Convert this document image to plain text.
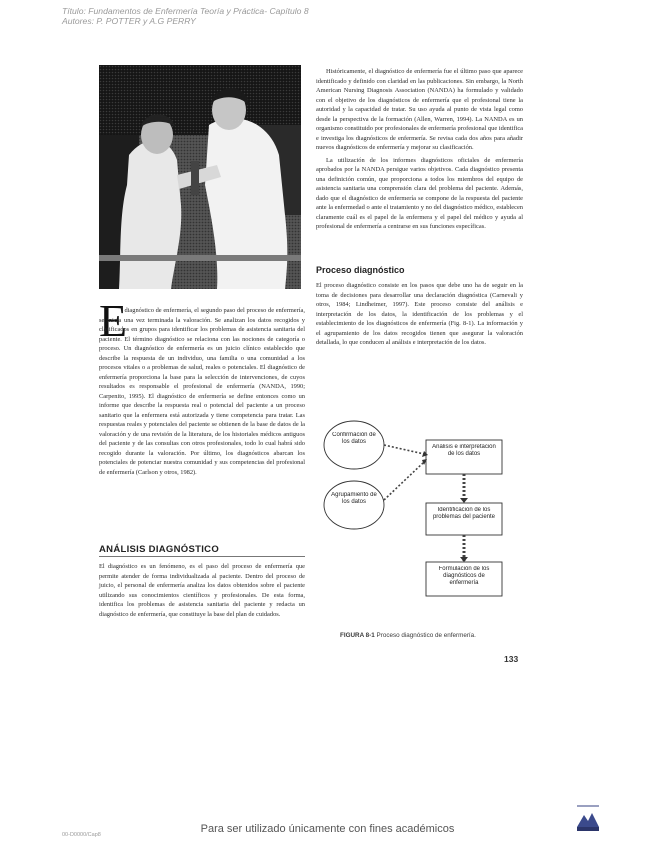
Título: Fundamentos de Enfermería Teoría y Práctica- Capítulo 8
Autores: P. POTTER y A.G PERRY
E

l diagnóstico de enfermería, el segundo paso del proceso de enfermería, se inicia una vez terminada la valoración. Se analizan los datos recogidos y clasificados en grupos para identificar los problemas de asistencia sanitaria del paciente. El término diagnóstico se relaciona con las nociones de categoría o proceso. Un diagnóstico de enfermería es un juicio clínico establecido que describe la respuesta de un individuo, una familia o una comunidad a los procesos vitales o a problemas de salud, reales o potenciales. El diagnóstico de enfermería proporciona la base para la selección de intervenciones, de cuyos resultados es responsable el profesional de enfermería (NANDA, 1990; Carpenito, 1995). El diagnóstico de enfermería se define entonces como un informe que describe la respuesta real o potencial del paciente a un proceso sanitario que la enfermera está autorizada y tiene competencia para tratar. Las respuestas reales y potenciales del paciente se obtienen de la base de datos de la valoración y de una revisión de la literatura, de los historiales médicos antiguos del paciente y de las consultas con otros profesionales, todo lo cual habrá sido recogido durante la valoración. Por último, los diagnósticos abarcan los potenciales de potenciar nuestra comunidad y sus competencias del profesional de enfermería (Carlson y otros, 1982).

ANÁLISIS DIAGNÓSTICO

El diagnóstico es un fenómeno, es el paso del proceso de enfermería que permite atender de forma individualizada al paciente. Dentro del proceso de juicio, el personal de enfermería analiza los datos obtenidos sobre el paciente utilizando sus conocimientos científicos y profesionales. De esta forma, identifica los problemas de asistencia sanitaria del paciente y redacta un diagnóstico de enfermería, que constituye la base del plan de cuidados.

Históricamente, el diagnóstico de enfermería fue el último paso que aparece identificado y definido con claridad en las publicaciones. Sin embargo, la North American Nursing Diagnosis Association (NANDA) ha formulado y validado con el objetivo de los diagnósticos de enfermería que el profesional tiene la autoridad y la capacidad de tratar. Su uso ayuda al punto de vista legal como desde la perspectiva de la formación (Allen, Warren, 1994). La NANDA es un organismo constituido por profesionales de enfermería profesional que identifica e investiga los diagnósticos de enfermería. Se revisa cada dos años para añadir nuevos diagnósticos de enfermería y mejorar su clasificación.

La utilización de los informes diagnósticos oficiales de enfermería aprobados por la NANDA persigue varios objetivos. Cada diagnóstico presenta una definición común, que proporciona a todos los miembros del equipo de asistencia sanitaria una comprensión clara del problema del paciente. Además, dado que el diagnóstico de enfermería se compone de la respuesta del paciente ante la enfermedad o ante el tratamiento y no del diagnóstico médico, establecen claramente cuál es el papel de la enfermera y el papel del médico y ayuda al profesional de enfermería a centrarse en sus funciones específicas.

Proceso diagnóstico

El proceso diagnóstico consiste en los pasos que debe uno ha de seguir en la toma de decisiones para desarrollar una declaración diagnóstica (Carnevali y otros, 1984; Lindheimer, 1997). Este proceso consiste del análisis e interpretación de los datos, la identificación de los problemas y el establecimiento de los diagnósticos de enfermería (Fig. 8-1). La información y el agrupamiento de los datos recogidos tienen que asegurar la valoración detallada, lo que conducen al análisis e interpretación de los datos.

Confirmación de los datos
Agrupamiento de los datos
Análisis e interpretación de los datos
Identificación de los problemas del paciente
Formulación de los diagnósticos de enfermería
FIGURA 8-1 Proceso diagnóstico de enfermería.
133
Para ser utilizado únicamente con fines académicos
00-D0000/Cap8
